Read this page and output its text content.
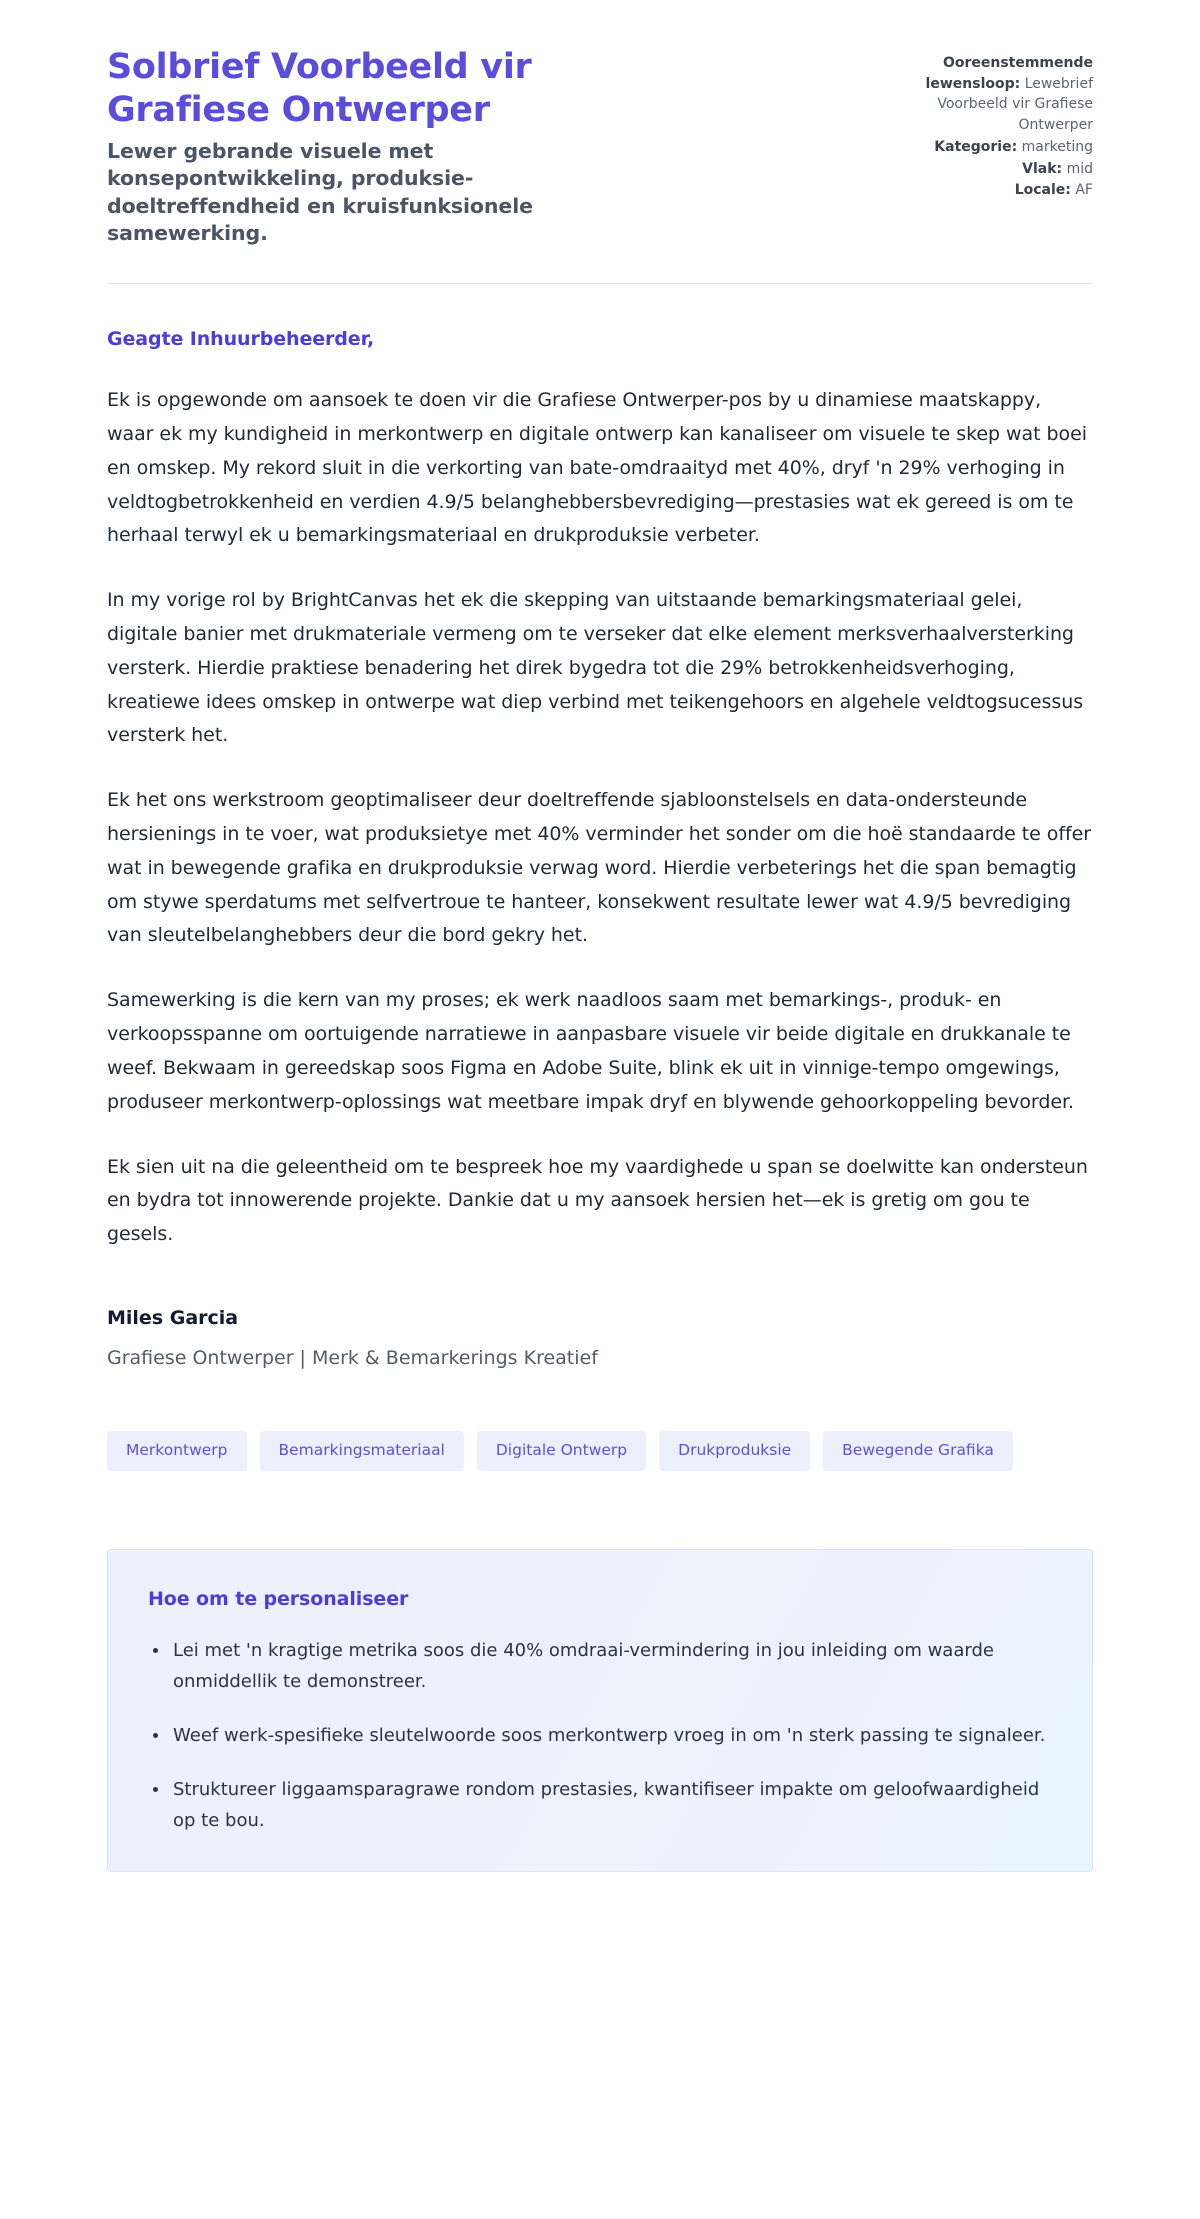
Solbrief Voorbeeld vir Grafiese Ontwerper

Lewer gebrande visuele met konsepontwikkeling, produksie-doeltreffendheid en kruisfunksionele samewerking.

Ooreenstemmende lewensloop: Lewebrief Voorbeeld vir Grafiese Ontwerper
Kategorie: marketing
Vlak: mid
Locale: AF

Geagte Inhuurbeheerder,

Ek is opgewonde om aansoek te doen vir die Grafiese Ontwerper-pos by u dinamiese maatskappy, waar ek my kundigheid in merkontwerp en digitale ontwerp kan kanaliseer om visuele te skep wat boei en omskep. My rekord sluit in die verkorting van bate-omdraaityd met 40%, dryf 'n 29% verhoging in veldtogbetrokkenheid en verdien 4.9/5 belanghebbersbevrediging—prestasies wat ek gereed is om te herhaal terwyl ek u bemarkingsmateriaal en drukproduksie verbeter.

In my vorige rol by BrightCanvas het ek die skepping van uitstaande bemarkingsmateriaal gelei, digitale banier met drukmateriale vermeng om te verseker dat elke element merksverhaalversterking versterk. Hierdie praktiese benadering het direk bygedra tot die 29% betrokkenheidsverhoging, kreatiewe idees omskep in ontwerpe wat diep verbind met teikengehoors en algehele veldtogsucessus versterk het.

Ek het ons werkstroom geoptimaliseer deur doeltreffende sjabloonstelsels en data-ondersteunde hersienings in te voer, wat produksietye met 40% verminder het sonder om die hoë standaarde te offer wat in bewegende grafika en drukproduksie verwag word. Hierdie verbeterings het die span bemagtig om stywe sperdatums met selfvertroue te hanteer, konsekwent resultate lewer wat 4.9/5 bevrediging van sleutelbelanghebbers deur die bord gekry het.

Samewerking is die kern van my proses; ek werk naadloos saam met bemarkings-, produk- en verkoopsspanne om oortuigende narratiewe in aanpasbare visuele vir beide digitale en drukkanale te weef. Bekwaam in gereedskap soos Figma en Adobe Suite, blink ek uit in vinnige-tempo omgewings, produseer merkontwerp-oplossings wat meetbare impak dryf en blywende gehoorkoppeling bevorder.

Ek sien uit na die geleentheid om te bespreek hoe my vaardighede u span se doelwitte kan ondersteun en bydra tot innowerende projekte. Dankie dat u my aansoek hersien het—ek is gretig om gou te gesels.

Miles Garcia

Grafiese Ontwerper | Merk & Bemarkerings Kreatief

Merkontwerp	Bemarkingsmateriaal	Digitale Ontwerp	Drukproduksie	Bewegende Grafika
Hoe om te personaliseer
Lei met 'n kragtige metrika soos die 40% omdraai-vermindering in jou inleiding om waarde onmiddellik te demonstreer.
Weef werk-spesifieke sleutelwoorde soos merkontwerp vroeg in om 'n sterk passing te signaleer.
Struktureer liggaamsparagrawe rondom prestasies, kwantifiseer impakte om geloofwaardigheid op te bou.
